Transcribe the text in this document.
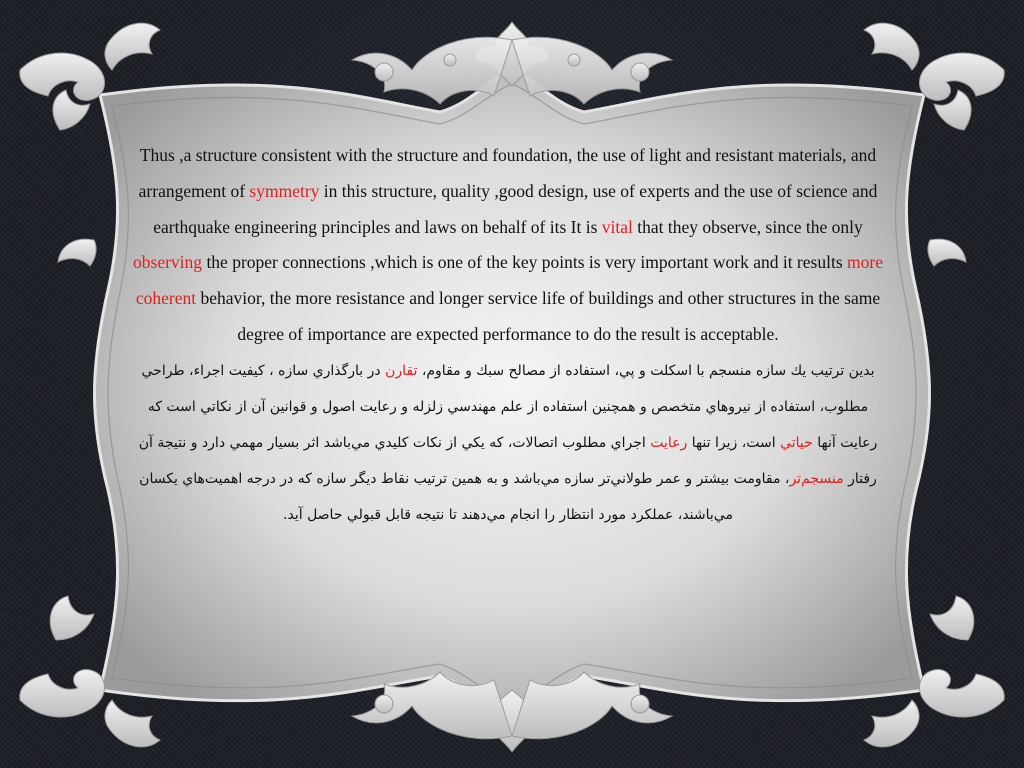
Thus ,a structure consistent with the structure and foundation, the use of light and resistant materials, and arrangement of symmetry in this structure, quality ,good design, use of experts and the use of science and earthquake engineering principles and laws on behalf of its It is vital that they observe, since the only observing the proper connections ,which is one of the key points is very important work and it results more coherent behavior, the more resistance and longer service life of buildings and other structures in the same degree of importance are expected performance to do the result is acceptable.

بدين ترتيب يك سازه منسجم با اسكلت و پي، استفاده از مصالح سبك و مقاوم، تقارن در بارگذاري سازه ، كيفيت اجراء، طراحي مطلوب، استفاده از نيروهاي متخصص و همچنين استفاده از علم مهندسي زلزله و رعايت اصول و قوانين آن از نكاتي است كه رعايت آنها حياتي است، زيرا تنها رعايت اجراي مطلوب اتصالات، كه يكي از نكات كليدي مي‌باشد اثر بسيار مهمي دارد و نتيجة آن رفتار منسجم‌تر، مقاومت بيشتر و عمر طولاني‌تر سازه مي‌باشد و به همين ترتيب نقاط ديگر سازه كه در درجه اهميت‌هاي يكسان مي‌باشند، عملكرد مورد انتظار را انجام مي‌دهند تا نتيجه قابل قبولي حاصل آيد.
